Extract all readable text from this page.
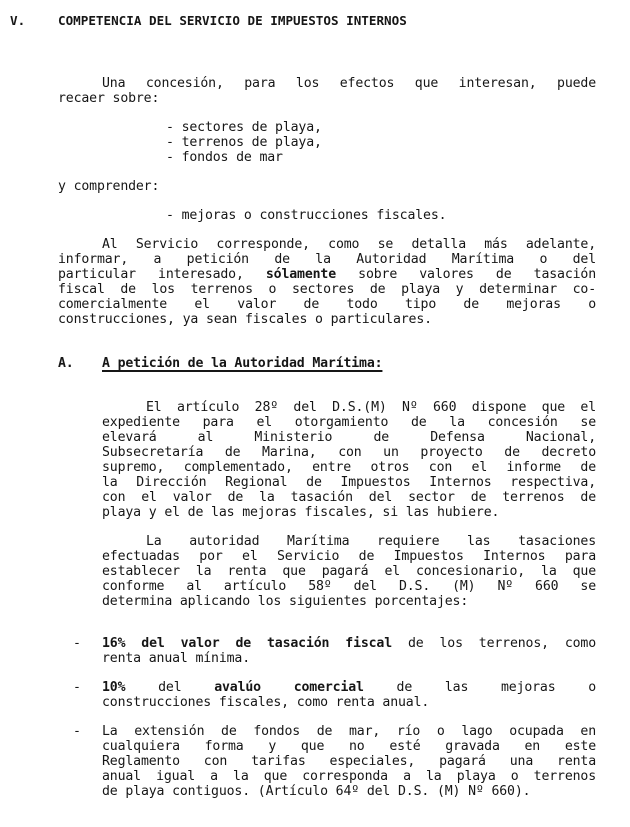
V.	COMPETENCIA DEL SERVICIO DE IMPUESTOS INTERNOS
Una concesión, para los efectos que interesan, puede
recaer sobre:
- sectores de playa,
- terrenos de playa,
- fondos de mar
y comprender:
- mejoras o construcciones fiscales.
Al Servicio corresponde, como se detalla más adelante,
informar, a petición de la Autoridad Marítima o del
particular interesado, sólamente sobre valores de tasación
fiscal de los terrenos o sectores de playa y determinar co-
comercialmente el valor de todo tipo de mejoras o
construcciones, ya sean fiscales o particulares.
A. A petición de la Autoridad Marítima:
El artículo 28º del D.S.(M) Nº 660 dispone que el
expediente para el otorgamiento de la concesión se
elevará al Ministerio de Defensa Nacional,
Subsecretaría de Marina, con un proyecto de decreto
supremo, complementado, entre otros con el informe de
la Dirección Regional de Impuestos Internos respectiva,
con el valor de la tasación del sector de terrenos de
playa y el de las mejoras fiscales, si las hubiere.
La autoridad Marítima requiere las tasaciones
efectuadas por el Servicio de Impuestos Internos para
establecer la renta que pagará el concesionario, la que
conforme al artículo 58º del D.S. (M) Nº 660 se
determina aplicando los siguientes porcentajes:
- 16% del valor de tasación fiscal de los terrenos, como
renta anual mínima.
- 10% del avalúo comercial de las mejoras o
construcciones fiscales, como renta anual.
- La extensión de fondos de mar, río o lago ocupada en
cualquiera forma y que no esté gravada en este
Reglamento con tarifas especiales, pagará una renta
anual igual a la que corresponda a la playa o terrenos
de playa contiguos. (Artículo 64º del D.S. (M) Nº 660).
